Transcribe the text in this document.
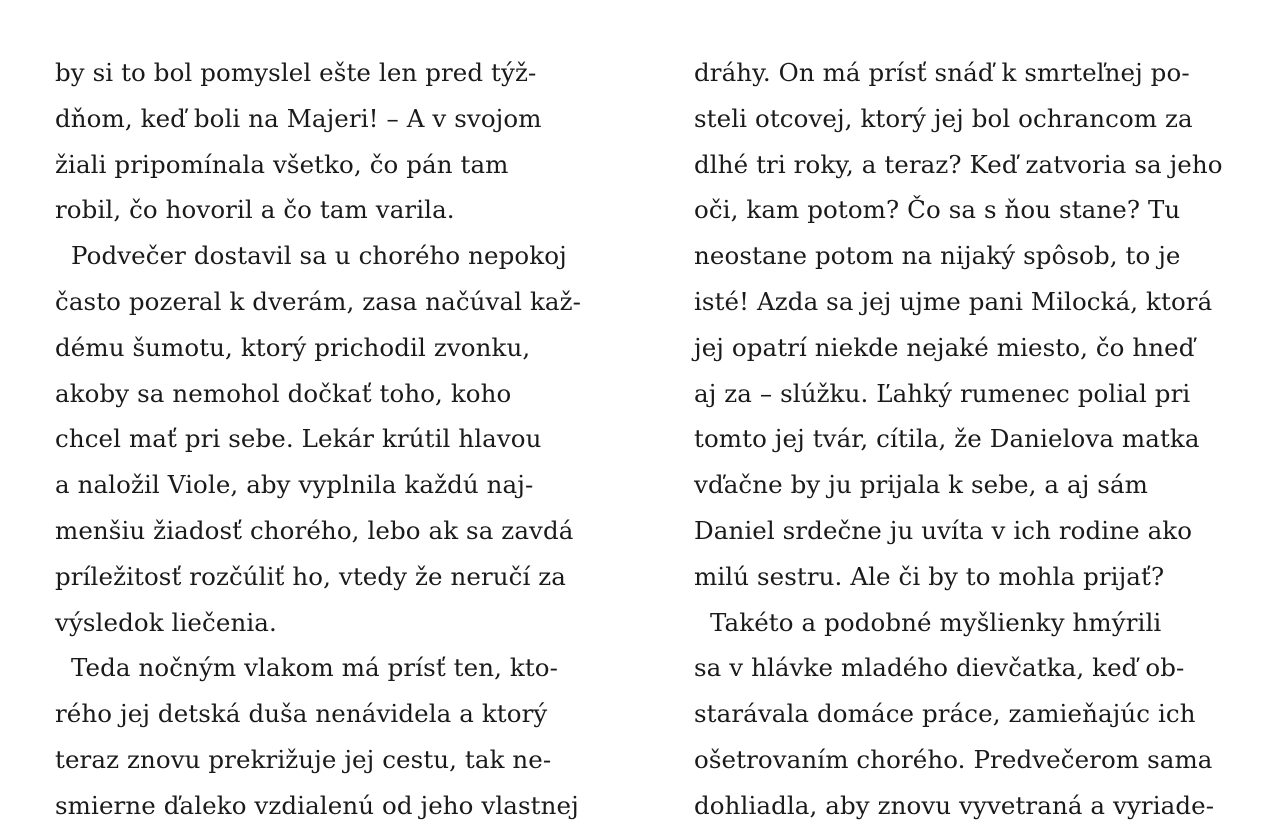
by si to bol pomyslel ešte len pred týž-
dňom, keď boli na Majeri! – A v svojom
žiali pripomínala všetko, čo pán tam
robil, čo hovoril a čo tam varila.
Podvečer dostavil sa u chorého nepokoj
často pozeral k dverám, zasa načúval kaž-
dému šumotu, ktorý prichodil zvonku,
akoby sa nemohol dočkať toho, koho
chcel mať pri sebe. Lekár krútil hlavou
a naložil Viole, aby vyplnila každú naj-
menšiu žiadosť chorého, lebo ak sa zavdá
príležitosť rozčúliť ho, vtedy že neručí za
výsledok liečenia.
Teda nočným vlakom má prísť ten, kto-
rého jej detská duša nenávidela a ktorý
teraz znovu prekrižuje jej cestu, tak ne-
smierne ďaleko vzdialenú od jeho vlastnej
dráhy. On má prísť snáď k smrteľnej po-
steli otcovej, ktorý jej bol ochrancom za
dlhé tri roky, a teraz? Keď zatvoria sa jeho
oči, kam potom? Čo sa s ňou stane? Tu
neostane potom na nijaký spôsob, to je
isté! Azda sa jej ujme pani Milocká, ktorá
jej opatrí niekde nejaké miesto, čo hneď
aj za – slúžku. Ľahký rumenec polial pri
tomto jej tvár, cítila, že Danielova matka
vďačne by ju prijala k sebe, a aj sám
Daniel srdečne ju uvíta v ich rodine ako
milú sestru. Ale či by to mohla prijať?
Takéto a podobné myšlienky hmýrili
sa v hlávke mladého dievčatka, keď ob-
starávala domáce práce, zamieňajúc ich
ošetrovaním chorého. Predvečerom sama
dohliadla, aby znovu vyvetraná a vyriade-
